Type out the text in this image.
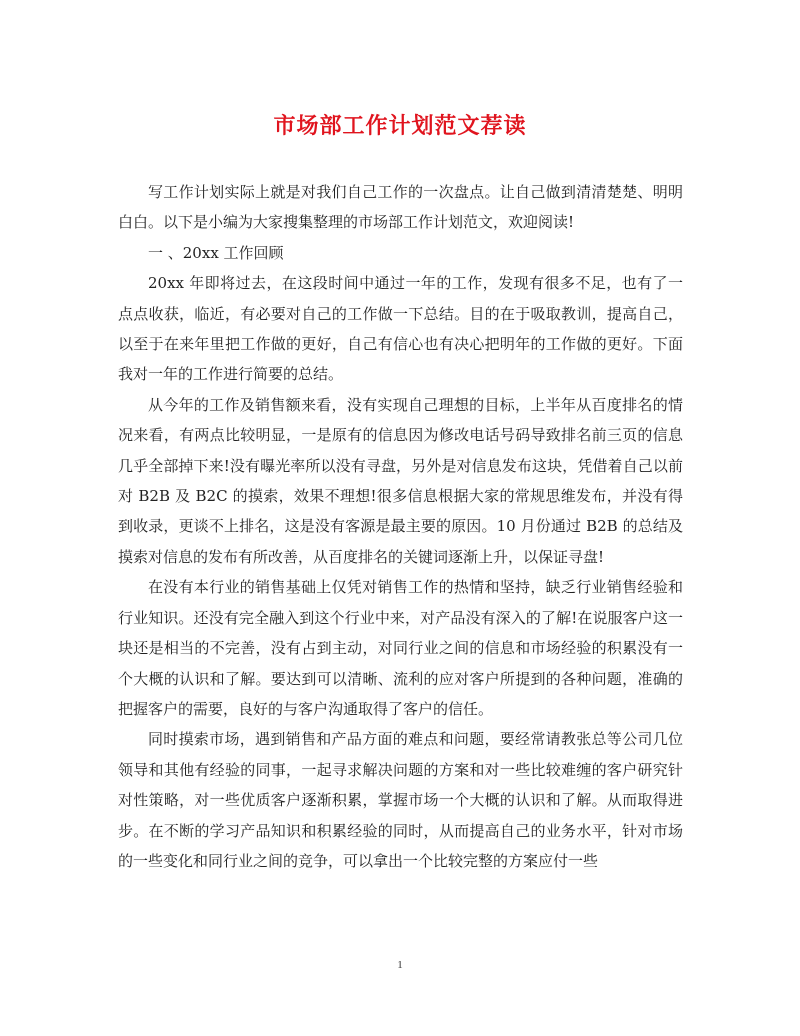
市场部工作计划范文荐读

写工作计划实际上就是对我们自己工作的一次盘点。让自己做到清清楚楚、明明白白。以下是小编为大家搜集整理的市场部工作计划范文，欢迎阅读!

一 、20xx 工作回顾

20xx 年即将过去，在这段时间中通过一年的工作，发现有很多不足，也有了一点点收获，临近，有必要对自己的工作做一下总结。目的在于吸取教训，提高自己，以至于在来年里把工作做的更好，自己有信心也有决心把明年的工作做的更好。下面我对一年的工作进行简要的总结。

从今年的工作及销售额来看，没有实现自己理想的目标，上半年从百度排名的情况来看，有两点比较明显，一是原有的信息因为修改电话号码导致排名前三页的信息几乎全部掉下来!没有曝光率所以没有寻盘，另外是对信息发布这块，凭借着自己以前对 B2B 及 B2C 的摸索，效果不理想!很多信息根据大家的常规思维发布，并没有得到收录，更谈不上排名，这是没有客源是最主要的原因。10 月份通过 B2B 的总结及摸索对信息的发布有所改善，从百度排名的关键词逐渐上升，以保证寻盘!

在没有本行业的销售基础上仅凭对销售工作的热情和坚持，缺乏行业销售经验和行业知识。还没有完全融入到这个行业中来，对产品没有深入的了解!在说服客户这一块还是相当的不完善，没有占到主动，对同行业之间的信息和市场经验的积累没有一个大概的认识和了解。要达到可以清晰、流利的应对客户所提到的各种问题，准确的把握客户的需要，良好的与客户沟通取得了客户的信任。

同时摸索市场，遇到销售和产品方面的难点和问题，要经常请教张总等公司几位领导和其他有经验的同事，一起寻求解决问题的方案和对一些比较难缠的客户研究针对性策略，对一些优质客户逐渐积累，掌握市场一个大概的认识和了解。从而取得进步。在不断的学习产品知识和积累经验的同时，从而提高自己的业务水平，针对市场的一些变化和同行业之间的竞争，可以拿出一个比较完整的方案应付一些

1
